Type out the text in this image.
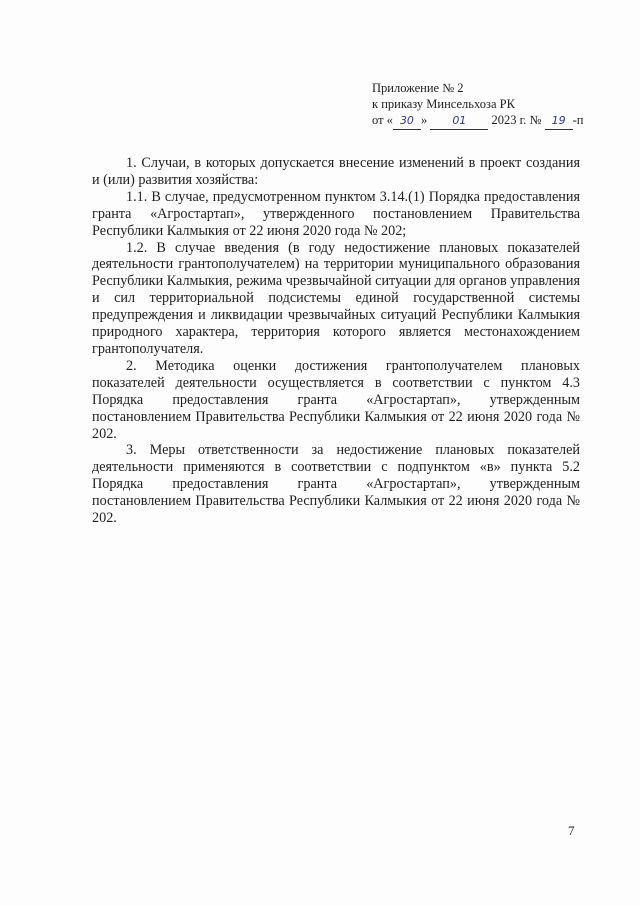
Приложение № 2
к приказу Минсельхоза РК
от « 30 » 01 2023 г. № 19 -п

1. Случаи, в которых допускается внесение изменений в проект создания и (или) развития хозяйства:

1.1. В случае, предусмотренном пунктом 3.14.(1) Порядка предоставления гранта «Агростартап», утвержденного постановлением Правительства Республики Калмыкия от 22 июня 2020 года № 202;

1.2. В случае введения (в году недостижение плановых показателей деятельности грантополучателем) на территории муниципального образования Республики Калмыкия, режима чрезвычайной ситуации для органов управления и сил территориальной подсистемы единой государственной системы предупреждения и ликвидации чрезвычайных ситуаций Республики Калмыкия природного характера, территория которого является местонахождением грантополучателя.

2. Методика оценки достижения грантополучателем плановых показателей деятельности осуществляется в соответствии с пунктом 4.3 Порядка предоставления гранта «Агростартап», утвержденным постановлением Правительства Республики Калмыкия от 22 июня 2020 года № 202.

3. Меры ответственности за недостижение плановых показателей деятельности применяются в соответствии с подпунктом «в» пункта 5.2 Порядка предоставления гранта «Агростартап», утвержденным постановлением Правительства Республики Калмыкия от 22 июня 2020 года № 202.

7
